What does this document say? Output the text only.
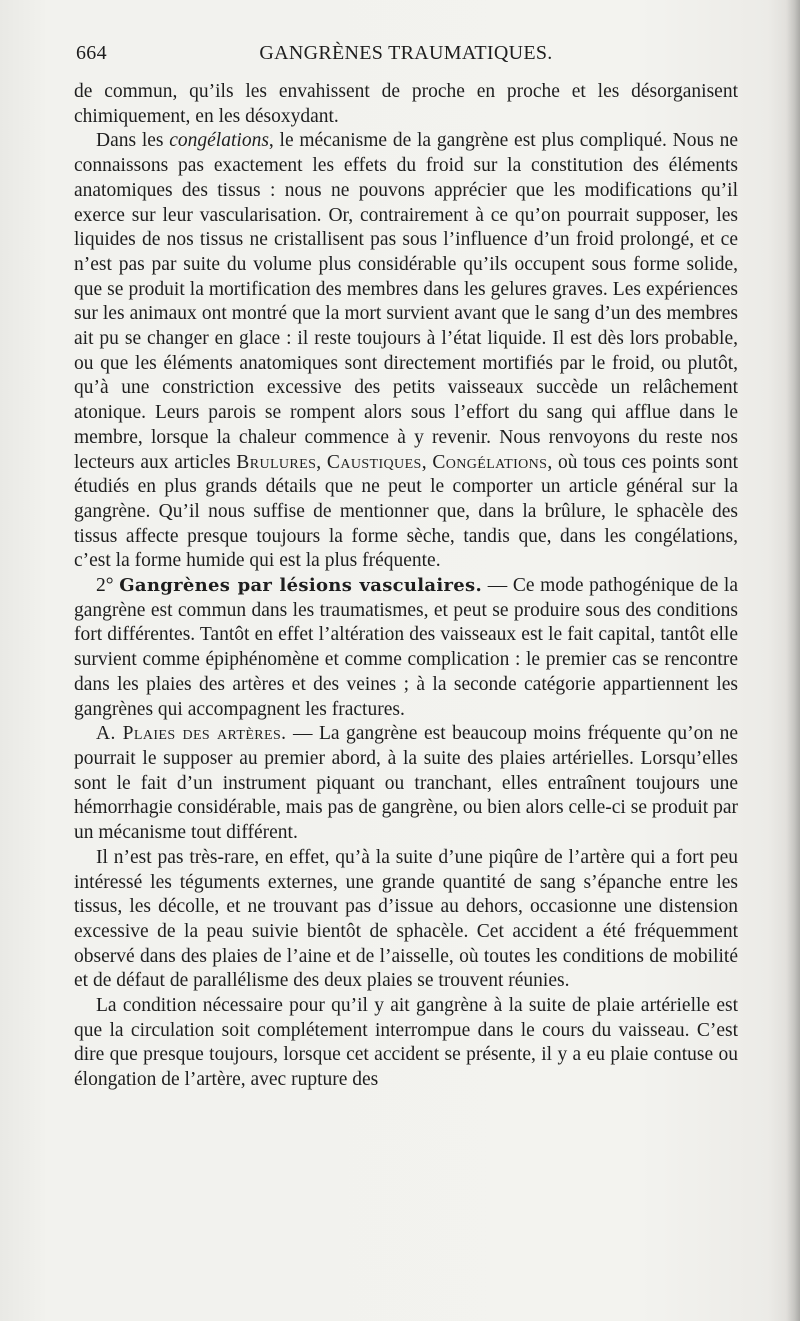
664	GANGRÈNES TRAUMATIQUES.

de commun, qu’ils les envahissent de proche en proche et les désorganisent chimiquement, en les désoxydant.

Dans les congélations, le mécanisme de la gangrène est plus compliqué. Nous ne connaissons pas exactement les effets du froid sur la constitution des éléments anatomiques des tissus : nous ne pouvons apprécier que les modifications qu’il exerce sur leur vascularisation. Or, contrairement à ce qu’on pourrait supposer, les liquides de nos tissus ne cristallisent pas sous l’influence d’un froid prolongé, et ce n’est pas par suite du volume plus considérable qu’ils occupent sous forme solide, que se produit la mortification des membres dans les gelures graves. Les expériences sur les animaux ont montré que la mort survient avant que le sang d’un des membres ait pu se changer en glace : il reste toujours à l’état liquide. Il est dès lors probable, ou que les éléments anatomiques sont directement mortifiés par le froid, ou plutôt, qu’à une constriction excessive des petits vaisseaux succède un relâchement atonique. Leurs parois se rompent alors sous l’effort du sang qui afflue dans le membre, lorsque la chaleur commence à y revenir. Nous renvoyons du reste nos lecteurs aux articles Brulures, Caustiques, Congélations, où tous ces points sont étudiés en plus grands détails que ne peut le comporter un article général sur la gangrène. Qu’il nous suffise de mentionner que, dans la brûlure, le sphacèle des tissus affecte presque toujours la forme sèche, tandis que, dans les congélations, c’est la forme humide qui est la plus fréquente.

2° Gangrènes par lésions vasculaires. — Ce mode pathogénique de la gangrène est commun dans les traumatismes, et peut se produire sous des conditions fort différentes. Tantôt en effet l’altération des vaisseaux est le fait capital, tantôt elle survient comme épiphénomène et comme complication : le premier cas se rencontre dans les plaies des artères et des veines ; à la seconde catégorie appartiennent les gangrènes qui accompagnent les fractures.

A. Plaies des artères. — La gangrène est beaucoup moins fréquente qu’on ne pourrait le supposer au premier abord, à la suite des plaies artérielles. Lorsqu’elles sont le fait d’un instrument piquant ou tranchant, elles entraînent toujours une hémorrhagie considérable, mais pas de gangrène, ou bien alors celle-ci se produit par un mécanisme tout différent.

Il n’est pas très-rare, en effet, qu’à la suite d’une piqûre de l’artère qui a fort peu intéressé les téguments externes, une grande quantité de sang s’épanche entre les tissus, les décolle, et ne trouvant pas d’issue au dehors, occasionne une distension excessive de la peau suivie bientôt de sphacèle. Cet accident a été fréquemment observé dans des plaies de l’aine et de l’aisselle, où toutes les conditions de mobilité et de défaut de parallélisme des deux plaies se trouvent réunies.

La condition nécessaire pour qu’il y ait gangrène à la suite de plaie artérielle est que la circulation soit complétement interrompue dans le cours du vaisseau. C’est dire que presque toujours, lorsque cet accident se présente, il y a eu plaie contuse ou élongation de l’artère, avec rupture des
